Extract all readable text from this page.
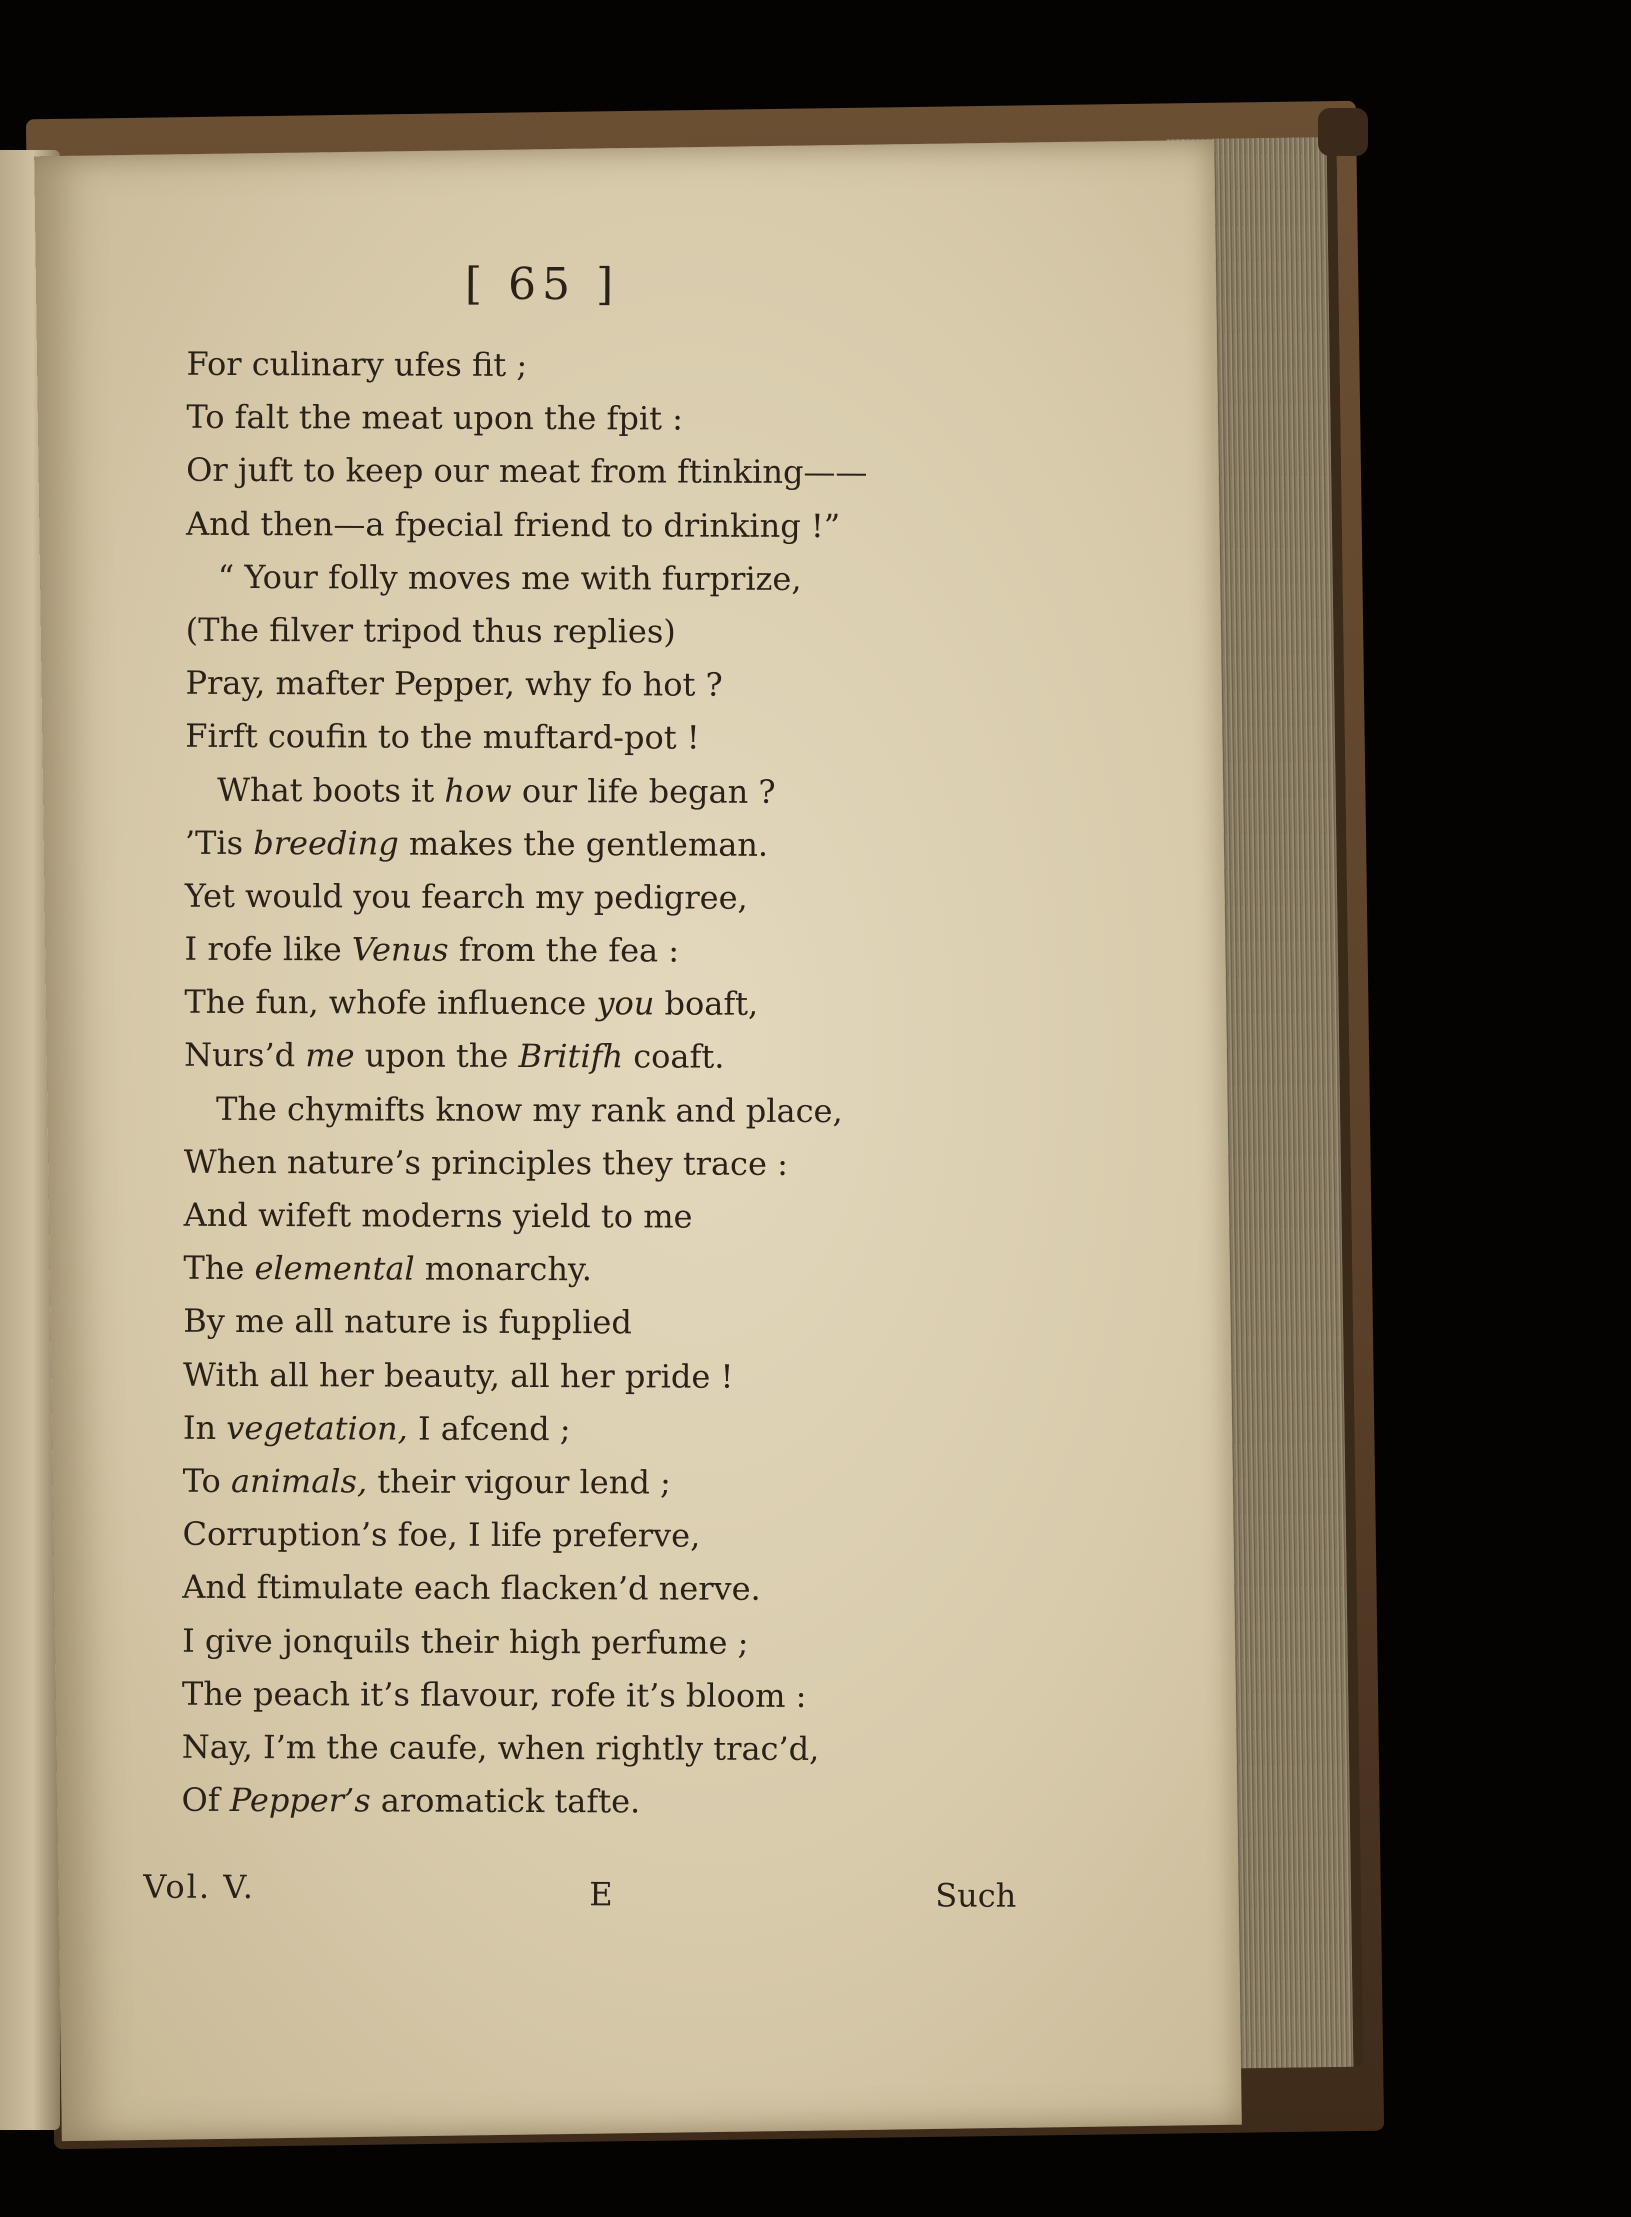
[ 65 ]
For culinary ufes fit ;
To falt the meat upon the fpit :
Or juft to keep our meat from ftinking——
And then—a fpecial friend to drinking !”
“ Your folly moves me with furprize,
(The filver tripod thus replies)
Pray, mafter Pepper, why fo hot ?
Firft coufin to the muftard-pot !
What boots it how our life began ?
’Tis breeding makes the gentleman.
Yet would you fearch my pedigree,
I rofe like Venus from the fea :
The fun, whofe influence you boaft,
Nurs’d me upon the Britifh coaft.
The chymifts know my rank and place,
When nature’s principles they trace :
And wifeft moderns yield to me
The elemental monarchy.
By me all nature is fupplied
With all her beauty, all her pride !
In vegetation, I afcend ;
To animals, their vigour lend ;
Corruption’s foe, I life preferve,
And ftimulate each flacken’d nerve.
I give jonquils their high perfume ;
The peach it’s flavour, rofe it’s bloom :
Nay, I’m the caufe, when rightly trac’d,
Of Pepper’s aromatick tafte.
Vol. V.	E	Such
